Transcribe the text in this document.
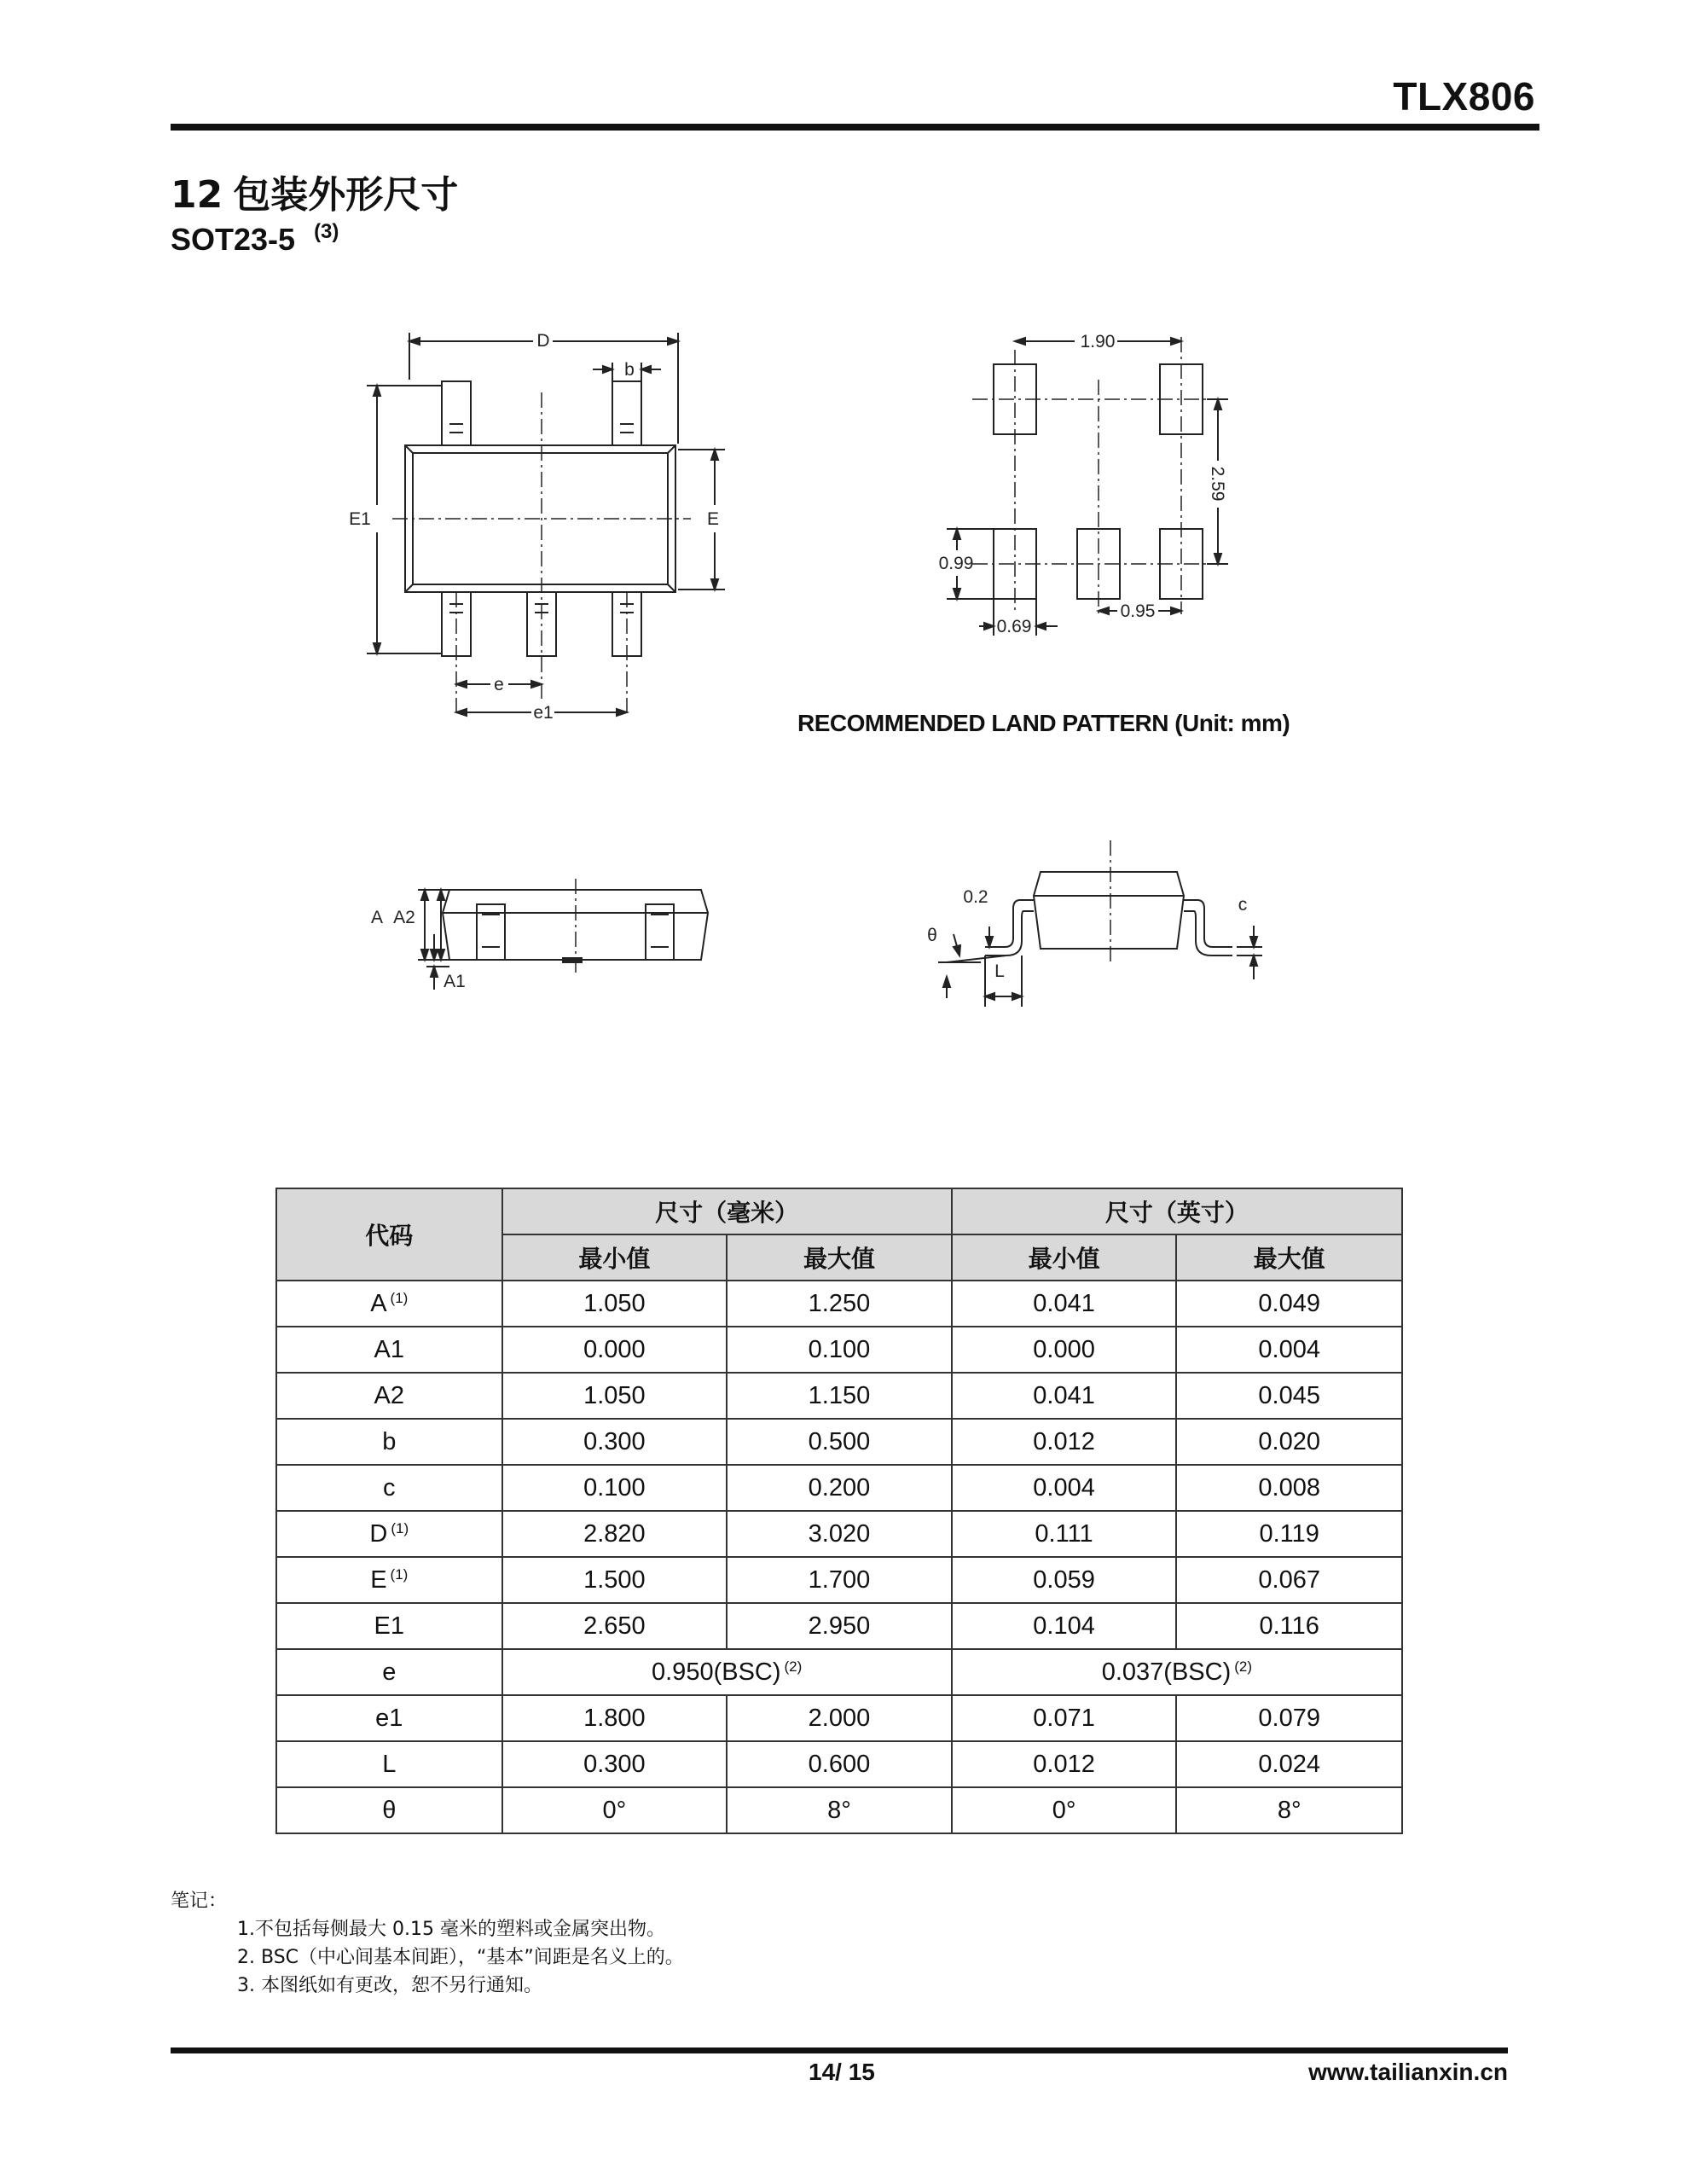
TLX806
12 包装外形尺寸
SOT23-5 $^{(3)}$
D
b
E1	E
e
e1
1.90
2.59
0.99
0.69
0.95
A A2
A1
0.2
θ
L
c
RECOMMENDED LAND PATTERN (Unit: mm)
代码	尺寸（毫米）		尺寸（英寸）	
	最小值	最大值	最小值	最大值
A $^{(1)}$	1.050	1.250	0.041	0.049
A1	0.000	0.100	0.000	0.004
A2	1.050	1.150	0.041	0.045
b	0.300	0.500	0.012	0.020
c	0.100	0.200	0.004	0.008
D $^{(1)}$	2.820	3.020	0.111	0.119
E $^{(1)}$	1.500	1.700	0.059	0.067
E1	2.650	2.950	0.104	0.116
e	0.950(BSC) $^{(2)}$		0.037(BSC) $^{(2)}$
e1	1.800	2.000	0.071	0.079
L	0.300	0.600	0.012	0.024
θ	0°	8°	0°	8°
笔记：
1.不包括每侧最大 0.15 毫米的塑料或金属突出物。
2. BSC（中心间基本间距），“基本”间距是名义上的。
3. 本图纸如有更改，恕不另行通知。
14/ 15	www.tailianxin.cn
